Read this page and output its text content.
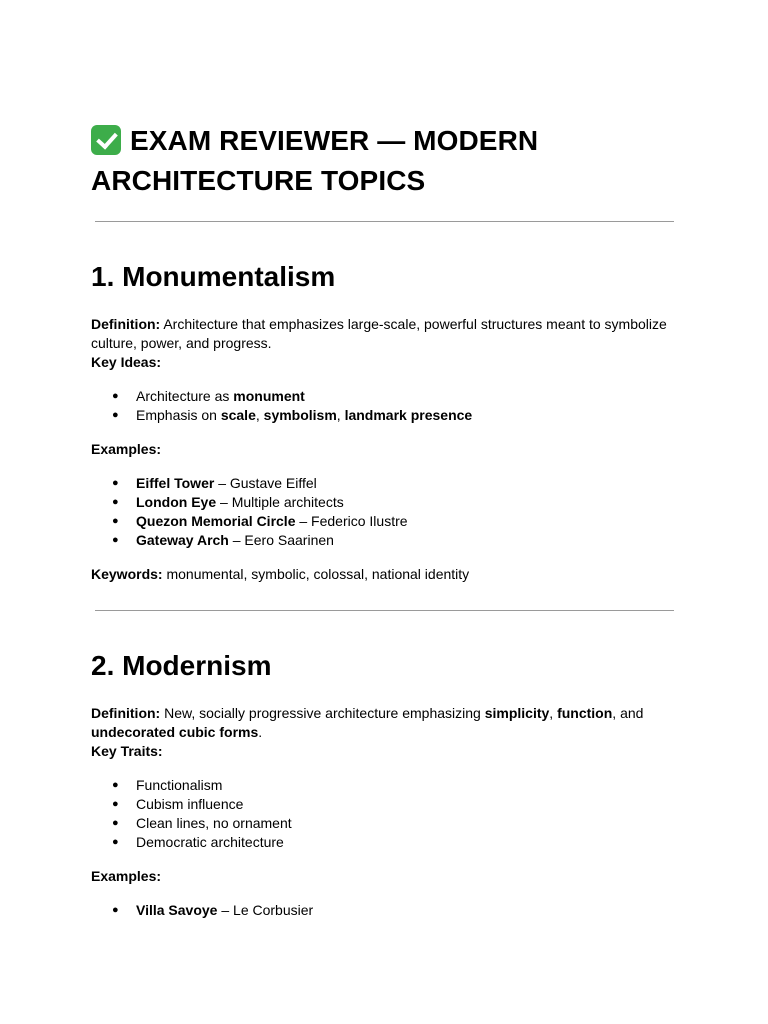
EXAM REVIEWER — MODERN ARCHITECTURE TOPICS
1. Monumentalism

Definition: Architecture that emphasizes large-scale, powerful structures meant to symbolize culture, power, and progress.

Key Ideas:

● Architecture as monument
● Emphasis on scale, symbolism, landmark presence

Examples:

● Eiffel Tower – Gustave Eiffel
● London Eye – Multiple architects
● Quezon Memorial Circle – Federico Ilustre
● Gateway Arch – Eero Saarinen

Keywords: monumental, symbolic, colossal, national identity

2. Modernism

Definition: New, socially progressive architecture emphasizing simplicity, function, and undecorated cubic forms.

Key Traits:

● Functionalism
● Cubism influence
● Clean lines, no ornament
● Democratic architecture

Examples:

● Villa Savoye – Le Corbusier
